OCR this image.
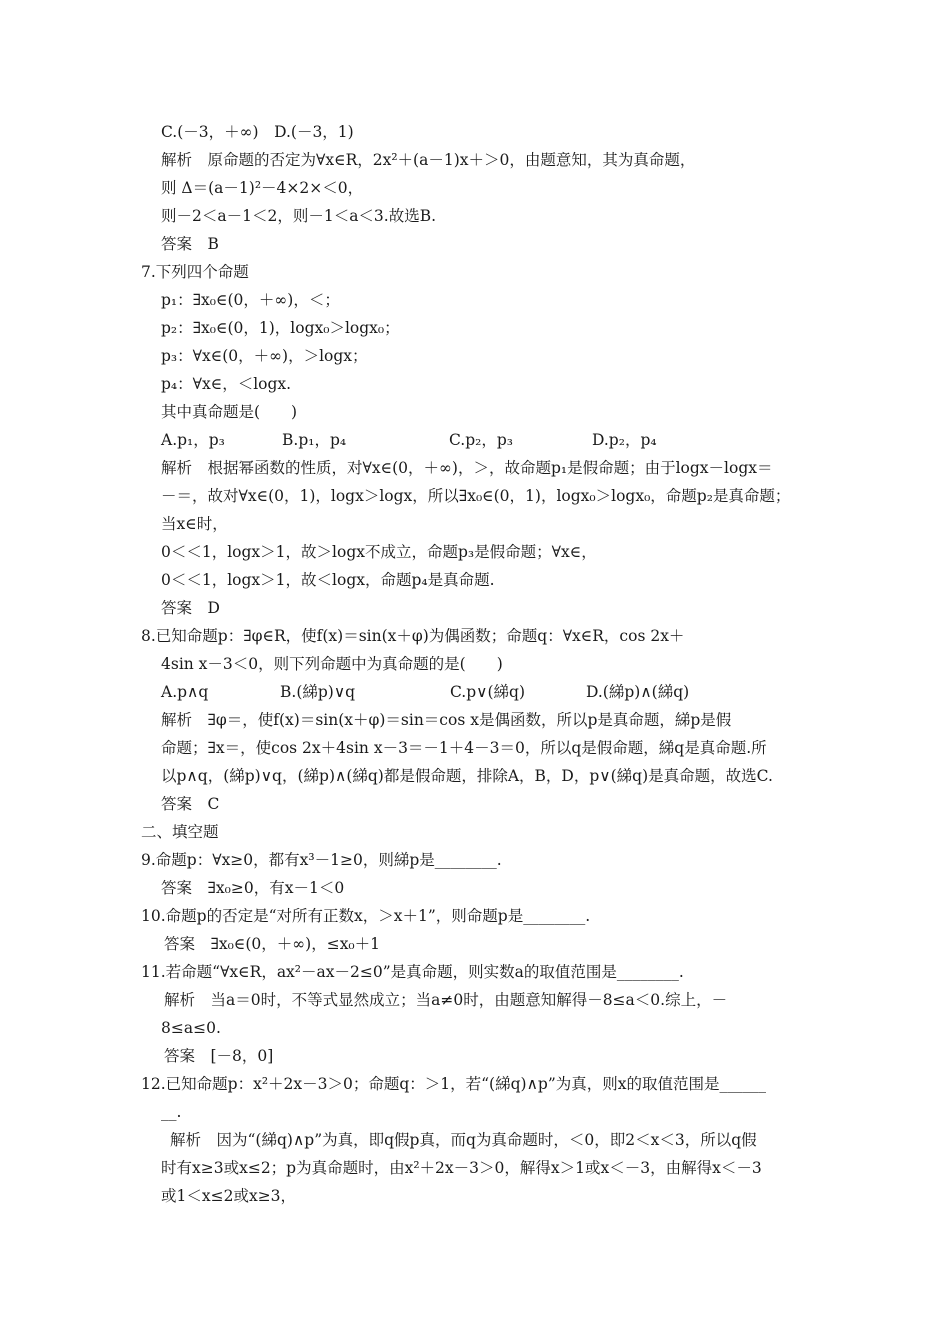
C.(－3，＋∞)　D.(－3，1)
解析　原命题的否定为∀x∈R，2x²＋(a－1)x＋＞0，由题意知，其为真命题，
则 Δ＝(a－1)²－4×2×＜0，
则－2＜a－1＜2，则－1＜a＜3.故选B.
答案　B
7.下列四个命题
p₁：∃x₀∈(0，＋∞)，＜；
p₂：∃x₀∈(0，1)，logx₀＞logx₀；
p₃：∀x∈(0，＋∞)，＞logx；
p₄：∀x∈，＜logx.
其中真命题是(　　)
A.p₁，p₃	B.p₁，p₄	C.p₂，p₃	D.p₂，p₄
解析　根据幂函数的性质，对∀x∈(0，＋∞)，＞，故命题p₁是假命题；由于logx－logx＝
－＝，故对∀x∈(0，1)，logx＞logx，所以∃x₀∈(0，1)，logx₀＞logx₀，命题p₂是真命题；
当x∈时，
0＜＜1，logx＞1，故＞logx不成立，命题p₃是假命题；∀x∈，
0＜＜1，logx＞1，故＜logx，命题p₄是真命题.
答案　D
8.已知命题p：∃φ∈R，使f(x)＝sin(x＋φ)为偶函数；命题q：∀x∈R，cos 2x＋
4sin x－3＜0，则下列命题中为真命题的是(　　)
A.p∧q	B.(綈p)∨q	C.p∨(綈q)	D.(綈p)∧(綈q)
解析　∃φ＝，使f(x)＝sin(x＋φ)＝sin＝cos x是偶函数，所以p是真命题，綈p是假
命题；∃x＝，使cos 2x＋4sin x－3＝－1＋4－3＝0，所以q是假命题，綈q是真命题.所
以p∧q，(綈p)∨q，(綈p)∧(綈q)都是假命题，排除A，B，D，p∨(綈q)是真命题，故选C.
答案　C
二、填空题
9.命题p：∀x≥0，都有x³－1≥0，则綈p是________.
答案　∃x₀≥0，有x－1＜0
10.命题p的否定是“对所有正数x，＞x＋1”，则命题p是________.
答案　∃x₀∈(0，＋∞)，≤x₀＋1
11.若命题“∀x∈R，ax²－ax－2≤0”是真命题，则实数a的取值范围是________.
解析　当a＝0时，不等式显然成立；当a≠0时，由题意知解得－8≤a＜0.综上，－
8≤a≤0.
答案　[－8，0]
12.已知命题p：x²＋2x－3＞0；命题q：＞1，若“(綈q)∧p”为真，则x的取值范围是______
__.
解析　因为“(綈q)∧p”为真，即q假p真，而q为真命题时，＜0，即2＜x＜3，所以q假
时有x≥3或x≤2；p为真命题时，由x²＋2x－3＞0，解得x＞1或x＜－3，由解得x＜－3
或1＜x≤2或x≥3，
